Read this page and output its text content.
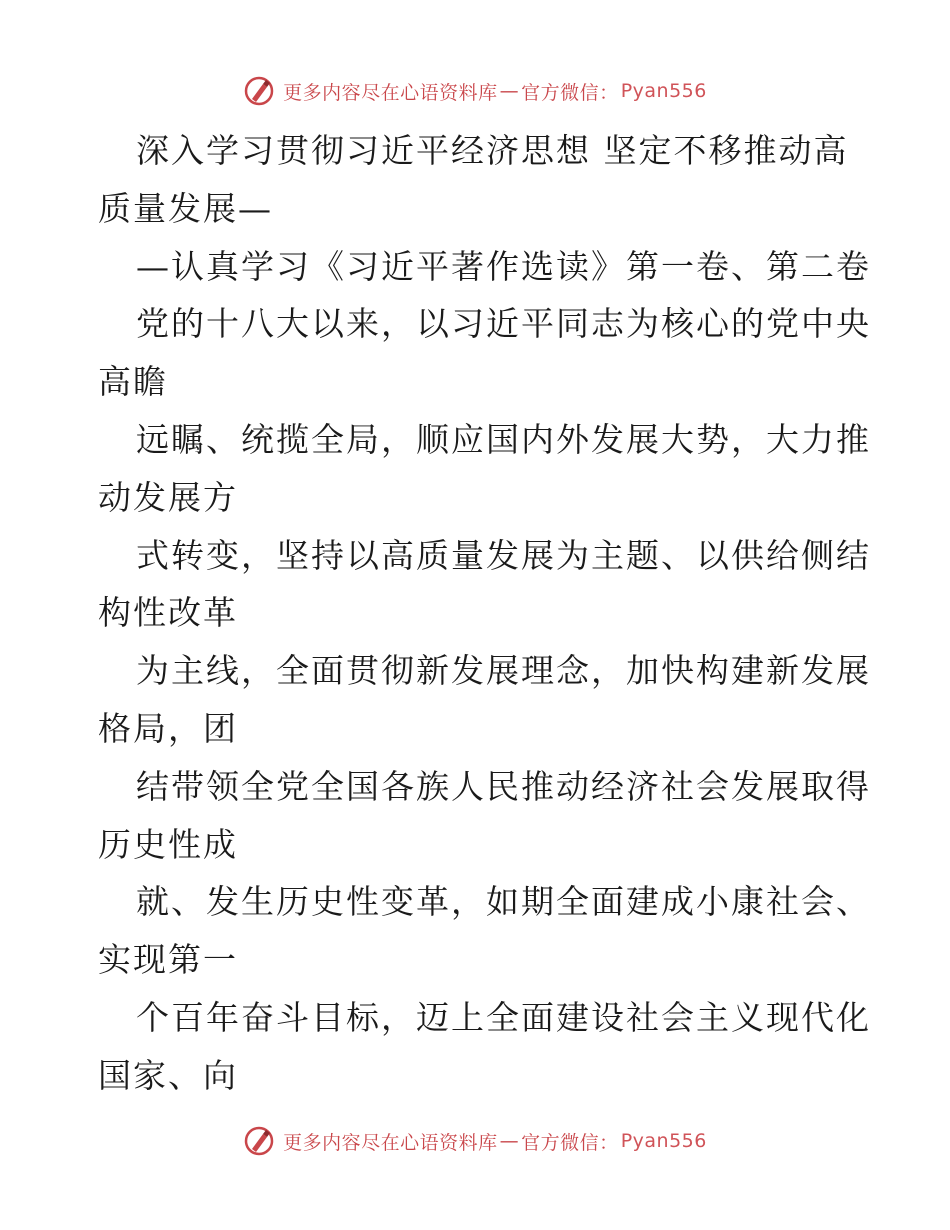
更多内容尽在心语资料库 — 官方微信： Pyan556
深入学习贯彻习近平经济思想 坚定不移推动高
质量发展—
—认真学习《习近平著作选读》第一卷、第二卷
党的十八大以来，以习近平同志为核心的党中央
高瞻
远瞩、统揽全局，顺应国内外发展大势，大力推
动发展方
式转变，坚持以高质量发展为主题、以供给侧结
构性改革
为主线，全面贯彻新发展理念，加快构建新发展
格局，团
结带领全党全国各族人民推动经济社会发展取得
历史性成
就、发生历史性变革，如期全面建成小康社会、
实现第一
个百年奋斗目标，迈上全面建设社会主义现代化
国家、向
更多内容尽在心语资料库 — 官方微信： Pyan556
